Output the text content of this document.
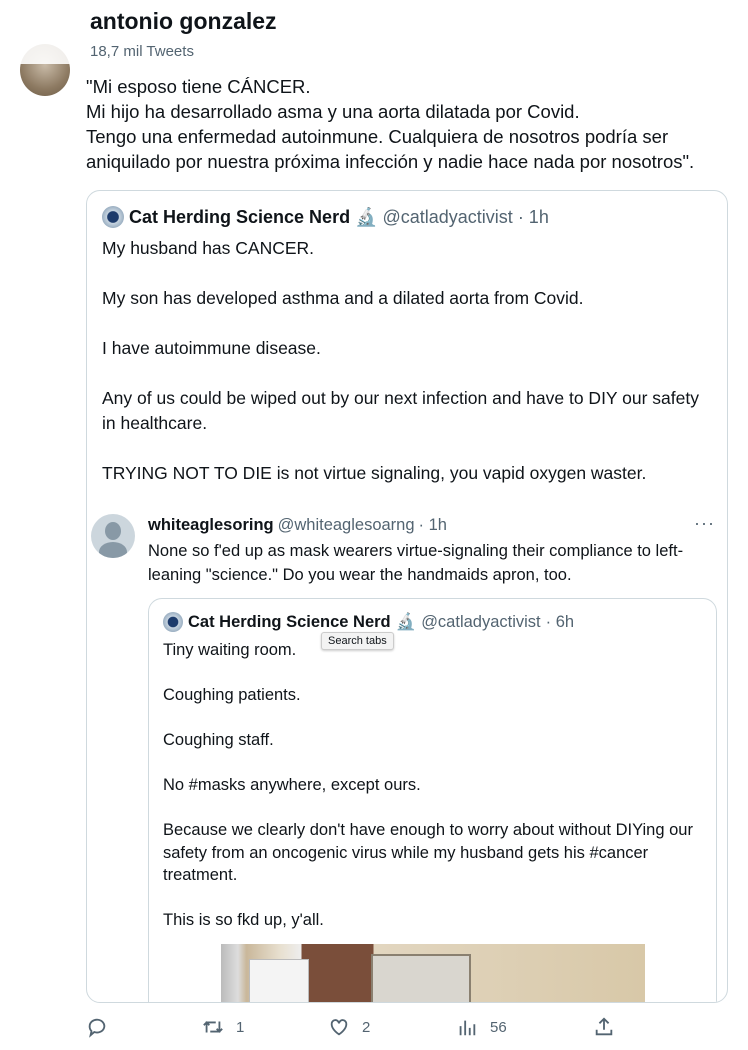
antonio gonzalez
18,7 mil Tweets
"Mi esposo tiene CÁNCER.
Mi hijo ha desarrollado asma y una aorta dilatada por Covid.
Tengo una enfermedad autoinmune. Cualquiera de nosotros podría ser aniquilado por nuestra próxima infección y nadie hace nada por nosotros".
Cat Herding Science Nerd 🔬 @catladyactivist · 1h
My husband has CANCER.

My son has developed asthma and a dilated aorta from Covid.

I have autoimmune disease.

Any of us could be wiped out by our next infection and have to DIY our safety in healthcare.

TRYING NOT TO DIE is not virtue signaling, you vapid oxygen waster.
whiteaglesoring @whiteaglesoarng · 1h	···
None so f'ed up as mask wearers virtue-signaling their compliance to left-leaning "science." Do you wear the handmaids apron, too.
Cat Herding Science Nerd 🔬 @catladyactivist · 6h
Tiny waiting room.

Coughing patients.

Coughing staff.

No #masks anywhere, except ours.

Because we clearly don't have enough to worry about without DIYing our safety from an oncogenic virus while my husband gets his #cancer treatment.

This is so fkd up, y'all.
Search tabs
1	2	56
